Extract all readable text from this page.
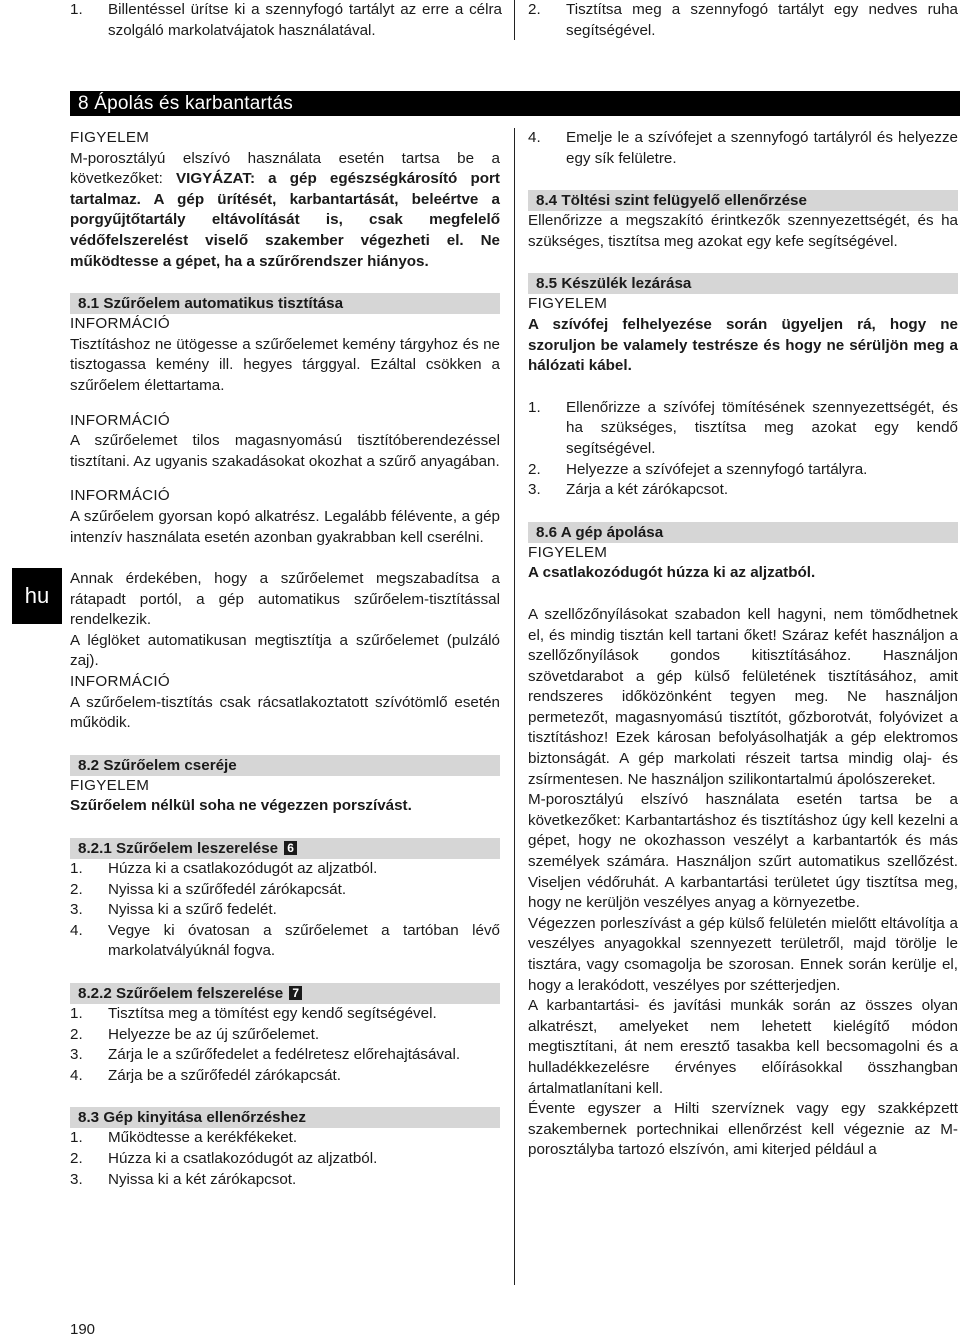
1.	Billentéssel ürítse ki a szennyfogó tartályt az erre a célra szolgáló markolatvájatok használatával.
2.	Tisztítsa meg a szennyfogó tartályt egy nedves ruha segítségével.
8 Ápolás és karbantartás
hu

FIGYELEM

M-porosztályú elszívó használata esetén tartsa be a következőket: VIGYÁZAT: a gép egészségkárosító port tartalmaz. A gép ürítését, karbantartását, beleértve a porgyűjtőtartály eltávolítását is, csak megfelelő védőfelszerelést viselő szakember végezheti el. Ne működtesse a gépet, ha a szűrőrendszer hiányos.

8.1 Szűrőelem automatikus tisztítása

INFORMÁCIÓ

Tisztításhoz ne ütögesse a szűrőelemet kemény tárgyhoz és ne tisztogassa kemény ill. hegyes tárggyal. Ezáltal csökken a szűrőelem élettartama.

INFORMÁCIÓ

A szűrőelemet tilos magasnyomású tisztítóberendezéssel tisztítani. Az ugyanis szakadásokat okozhat a szűrő anyagában.

INFORMÁCIÓ

A szűrőelem gyorsan kopó alkatrész. Legalább félévente, a gép intenzív használata esetén azonban gyakrabban kell cserélni.

Annak érdekében, hogy a szűrőelemet megszabadítsa a rátapadt portól, a gép automatikus szűrőelem-tisztítással rendelkezik.

A léglöket automatikusan megtisztítja a szűrőelemet (pulzáló zaj).

INFORMÁCIÓ

A szűrőelem-tisztítás csak rácsatlakoztatott szívótömlő esetén működik.

8.2 Szűrőelem cseréje

FIGYELEM

Szűrőelem nélkül soha ne végezzen porszívást.

8.2.1 Szűrőelem leszerelése 6
1.	Húzza ki a csatlakozódugót az aljzatból.
2.	Nyissa ki a szűrőfedél zárókapcsát.
3.	Nyissa ki a szűrő fedelét.
4.	Vegye ki óvatosan a szűrőelemet a tartóban lévő markolatvályúknál fogva.
8.2.2 Szűrőelem felszerelése 7
1.	Tisztítsa meg a tömítést egy kendő segítségével.
2.	Helyezze be az új szűrőelemet.
3.	Zárja le a szűrőfedelet a fedélretesz előrehajtásával.
4.	Zárja be a szűrőfedél zárókapcsát.
8.3 Gép kinyitása ellenőrzéshez
1.	Működtesse a kerékfékeket.
2.	Húzza ki a csatlakozódugót az aljzatból.
3.	Nyissa ki a két zárókapcsot.
4.	Emelje le a szívófejet a szennyfogó tartályról és helyezze egy sík felületre.
8.4 Töltési szint felügyelő ellenőrzése

Ellenőrizze a megszakító érintkezők szennyezettségét, és ha szükséges, tisztítsa meg azokat egy kefe segítségével.

8.5 Készülék lezárása

FIGYELEM

A szívófej felhelyezése során ügyeljen rá, hogy ne szoruljon be valamely testrésze és hogy ne sérüljön meg a hálózati kábel.

1.	Ellenőrizze a szívófej tömítésének szennyezettségét, és ha szükséges, tisztítsa meg azokat egy kendő segítségével.
2.	Helyezze a szívófejet a szennyfogó tartályra.
3.	Zárja a két zárókapcsot.
8.6 A gép ápolása

FIGYELEM

A csatlakozódugót húzza ki az aljzatból.

A szellőzőnyílásokat szabadon kell hagyni, nem tömődhetnek el, és mindig tisztán kell tartani őket! Száraz kefét használjon a szellőzőnyílások gondos kitisztításához. Használjon szövetdarabot a gép külső felületének tisztításához, amit rendszeres időközönként tegyen meg. Ne használjon permetezőt, magasnyomású tisztítót, gőzborotvát, folyóvizet a tisztításhoz! Ezek károsan befolyásolhatják a gép elektromos biztonságát. A gép markolati részeit tartsa mindig olaj- és zsírmentesen. Ne használjon szilikontartalmú ápolószereket.

M-porosztályú elszívó használata esetén tartsa be a következőket: Karbantartáshoz és tisztításhoz úgy kell kezelni a gépet, hogy ne okozhasson veszélyt a karbantartók és más személyek számára. Használjon szűrt automatikus szellőzést. Viseljen védőruhát. A karbantartási területet úgy tisztítsa meg, hogy ne kerüljön veszélyes anyag a környezetbe.

Végezzen porleszívást a gép külső felületén mielőtt eltávolítja a veszélyes anyagokkal szennyezett területről, majd törölje le tisztára, vagy csomagolja be szorosan. Ennek során kerülje el, hogy a lerakódott, veszélyes por szétterjedjen.

A karbantartási- és javítási munkák során az összes olyan alkatrészt, amelyeket nem lehetett kielégítő módon megtisztítani, át nem eresztő tasakba kell becsomagolni és a hulladékkezelésre érvényes előírásokkal összhangban ártalmatlanítani kell.

Évente egyszer a Hilti szervíznek vagy egy szakképzett szakembernek portechnikai ellenőrzést kell végeznie az M-porosztályba tartozó elszívón, ami kiterjed például a

190
